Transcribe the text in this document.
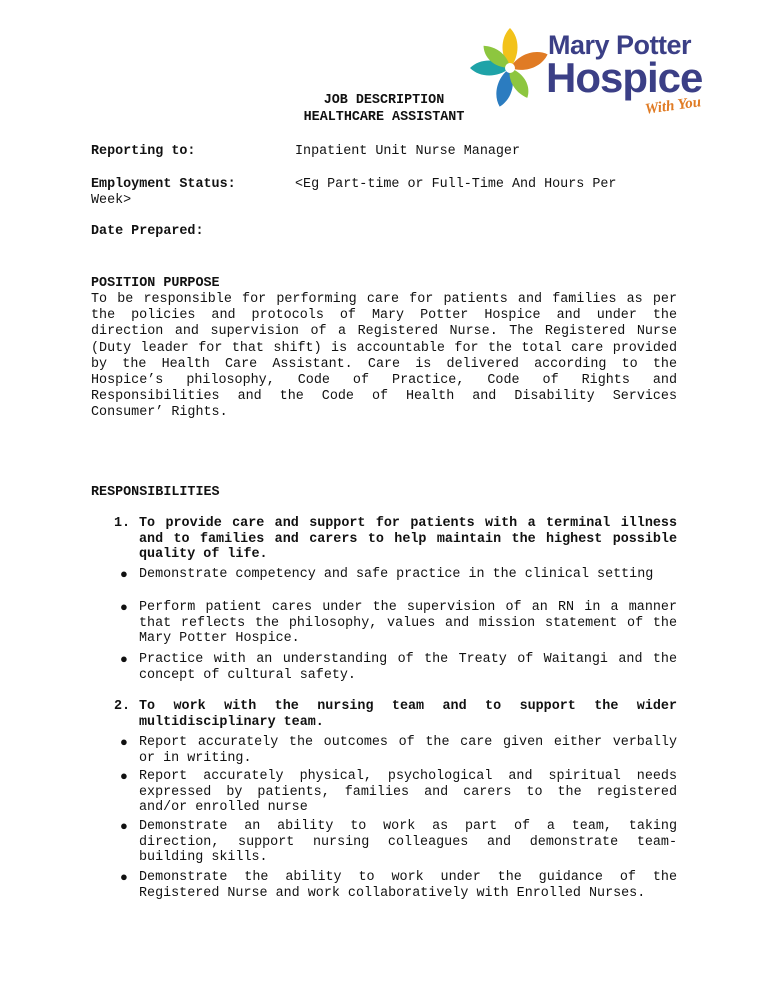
Mary Potter
Hospice
With You
JOB DESCRIPTION
HEALTHCARE ASSISTANT
Reporting to:	Inpatient Unit Nurse Manager
Employment Status:	<Eg Part-time or Full-Time And Hours Per
Week>
Date Prepared:
POSITION PURPOSE
To be responsible for performing care for patients and families as per the policies and protocols of Mary Potter Hospice and under the direction and supervision of a Registered Nurse. The Registered Nurse (Duty leader for that shift) is accountable for the total care provided by the Health Care Assistant. Care is delivered according to the Hospice’s philosophy, Code of Practice, Code of Rights and Responsibilities and the Code of Health and Disability Services Consumer’ Rights.
RESPONSIBILITIES
1. To provide care and support for patients with a terminal illness and to families and carers to help maintain the highest possible quality of life.
● Demonstrate competency and safe practice in the clinical setting
● Perform patient cares under the supervision of an RN in a manner that reflects the philosophy, values and mission statement of the Mary Potter Hospice.
● Practice with an understanding of the Treaty of Waitangi and the concept of cultural safety.
2. To work with the nursing team and to support the wider multidisciplinary team.
● Report accurately the outcomes of the care given either verbally or in writing.
● Report accurately physical, psychological and spiritual needs expressed by patients, families and carers to the registered and/or enrolled nurse
● Demonstrate an ability to work as part of a team, taking direction, support nursing colleagues and demonstrate team-building skills.
● Demonstrate the ability to work under the guidance of the Registered Nurse and work collaboratively with Enrolled Nurses.
